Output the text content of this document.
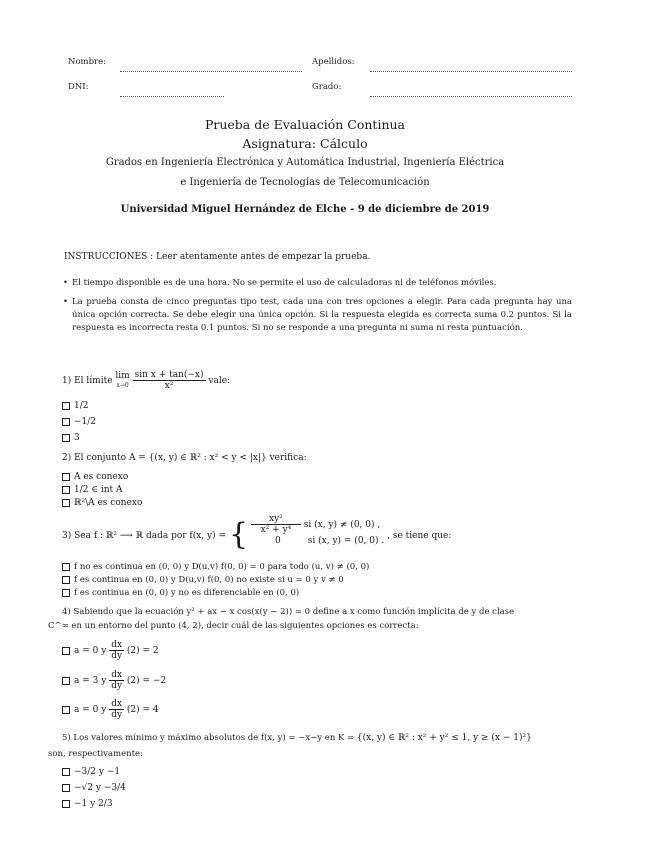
Nombre:	Apellidos:
DNI:	Grado:
Prueba de Evaluación Continua
Asignatura: Cálculo
Grados en Ingeniería Electrónica y Automática Industrial, Ingeniería Eléctrica
e Ingeniería de Tecnologías de Telecomunicación
Universidad Miguel Hernández de Elche - 9 de diciembre de 2019
INSTRUCCIONES : Leer atentamente antes de empezar la prueba.
• El tiempo disponible es de una hora. No se permite el uso de calculadoras ni de teléfonos móviles.
• La prueba consta de cinco preguntas tipo test, cada una con tres opciones a elegir. Para cada pregunta hay una única opción correcta. Se debe elegir una única opción. Si la respuesta elegida es correcta suma 0.2 puntos. Si la respuesta es incorrecta resta 0.1 puntos. Si no se responde a una pregunta ni suma ni resta puntuación.
1) El límite lim
x→0
$\frac{\text{sin x + tan(−x)}}{\text{x²}}$ vale:
1/2
−1/2
3
2) El conjunto A = {(x, y) ∈ ℝ² : x² < y < |x|} verifica:
A es conexo
1/2 ∈ int A
ℝ²\A es conexo
3) Sea f : ℝ² ⟶ ℝ dada por f(x, y) = { $\frac{\text{xy²}}{\text{x² + y⁴}}$ si (x, y) ≠ (0, 0) ,
0	si (x, y) = (0, 0) .
, se tiene que:
f no es continua en (0, 0) y D(u,v) f(0, 0) = 0 para todo (u, v) ≠ (0, 0)
f es continua en (0, 0) y D(u,v) f(0, 0) no existe si u = 0 y v ≠ 0
f es continua en (0, 0) y no es diferenciable en (0, 0)
4) Sabiendo que la ecuación y² + ax − x cos(x(y − 2)) = 0 define a x como función implícita de y de clase
C^∞ en un entorno del punto (4, 2), decir cuál de las siguientes opciones es correcta:
a = 0 y $\frac{dx}{dy} (2) = 2$
a = 3 y $\frac{dx}{dy} (2) = -2$
a = 0 y $\frac{dx}{dy} (2) = 4$
5) Los valores mínimo y máximo absolutos de f(x, y) = −x−y en K = {(x, y) ∈ ℝ² : x² + y² ≤ 1, y ≥ (x − 1)²}
son, respectivamente:
−3/2 y −1
−√2 y −3/4
−1 y 2/3
